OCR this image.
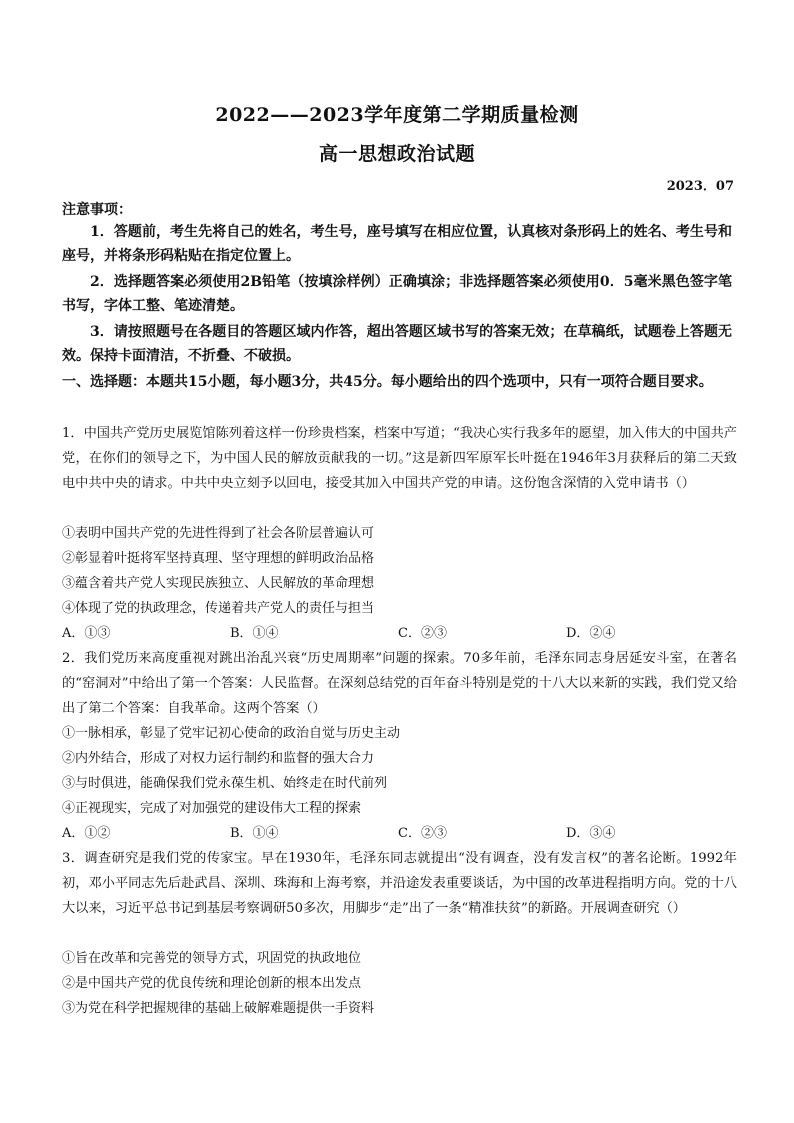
2022——2023学年度第二学期质量检测
高一思想政治试题
2023．07
注意事项：
1．答题前，考生先将自己的姓名，考生号，座号填写在相应位置，认真核对条形码上的姓名、考生号和座号，并将条形码粘贴在指定位置上。
2．选择题答案必须使用2B铅笔（按填涂样例）正确填涂；非选择题答案必须使用0．5毫米黑色签字笔书写，字体工整、笔迹清楚。
3．请按照题号在各题目的答题区域内作答，超出答题区域书写的答案无效；在草稿纸，试题卷上答题无效。保持卡面清洁，不折叠、不破损。
一、选择题：本题共15小题，每小题3分，共45分。每小题给出的四个选项中，只有一项符合题目要求。
1．中国共产党历史展览馆陈列着这样一份珍贵档案，档案中写道；“我决心实行我多年的愿望，加入伟大的中国共产党，在你们的领导之下，为中国人民的解放贡献我的一切。”这是新四军原军长叶挺在1946年3月获释后的第二天致电中共中央的请求。中共中央立刻予以回电，接受其加入中国共产党的申请。这份饱含深情的入党申请书（）
①表明中国共产党的先进性得到了社会各阶层普遍认可
②彰显着叶挺将军坚持真理、坚守理想的鲜明政治品格
③蕴含着共产党人实现民族独立、人民解放的革命理想
④体现了党的执政理念，传递着共产党人的责任与担当
A．①③	B．①④	C．②③	D．②④
2．我们党历来高度重视对跳出治乱兴衰“历史周期率”问题的探索。70多年前，毛泽东同志身居延安斗室，在著名的“窑洞对”中给出了第一个答案：人民监督。在深刻总结党的百年奋斗特别是党的十八大以来新的实践，我们党又给出了第二个答案：自我革命。这两个答案（）
①一脉相承，彰显了党牢记初心使命的政治自觉与历史主动
②内外结合，形成了对权力运行制约和监督的强大合力
③与时俱进，能确保我们党永葆生机、始终走在时代前列
④正视现实，完成了对加强党的建设伟大工程的探索
A．①②	B．①④	C．②③	D．③④
3．调查研究是我们党的传家宝。早在1930年，毛泽东同志就提出“没有调查，没有发言权”的著名论断。1992年初，邓小平同志先后赴武昌、深圳、珠海和上海考察，并沿途发表重要谈话，为中国的改革进程指明方向。党的十八大以来，习近平总书记到基层考察调研50多次，用脚步“走”出了一条“精准扶贫”的新路。开展调查研究（）
①旨在改革和完善党的领导方式，巩固党的执政地位
②是中国共产党的优良传统和理论创新的根本出发点
③为党在科学把握规律的基础上破解难题提供一手资料
